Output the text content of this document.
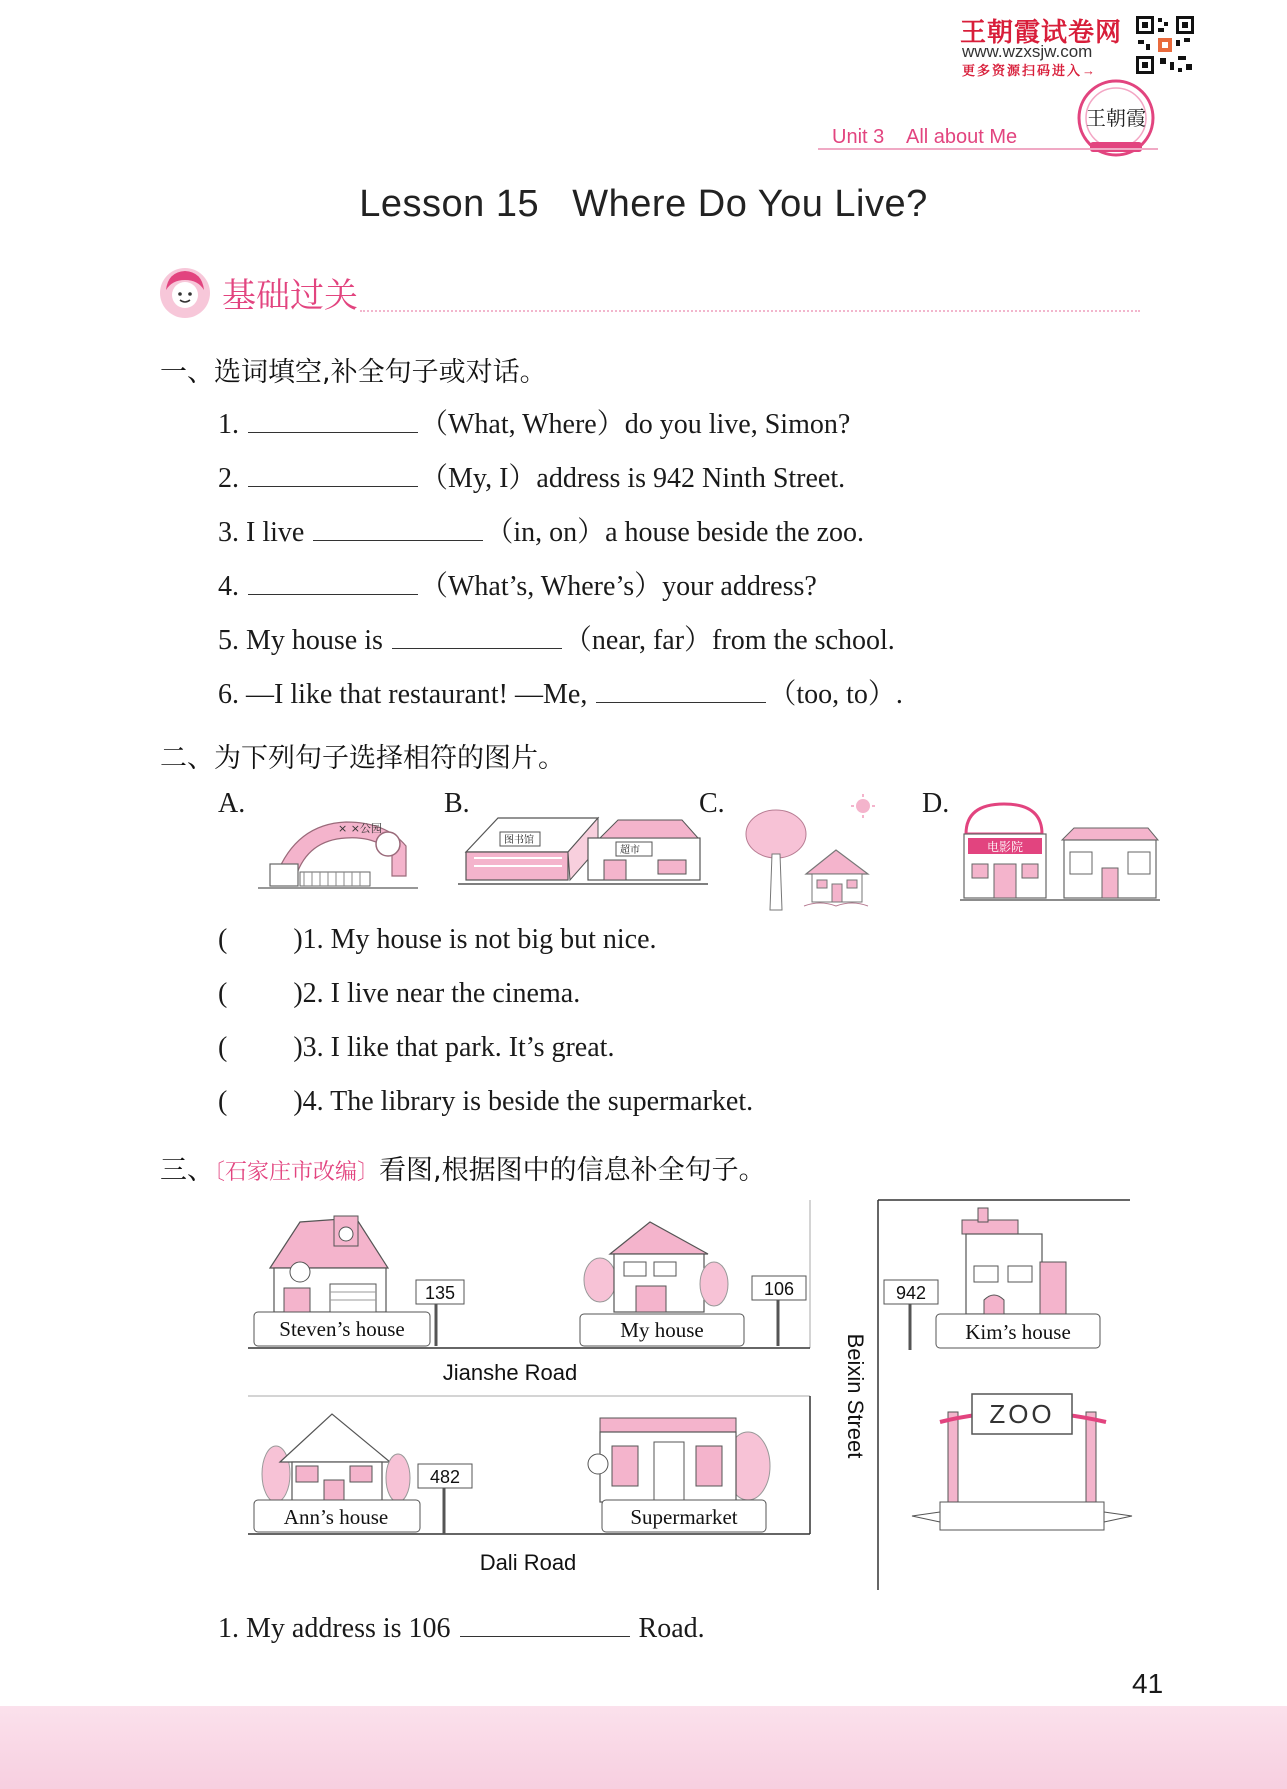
王朝霞试卷网
www.wzxsjw.com
更多资源扫码进入→
王朝霞
Unit 3 All about Me
Lesson 15   Where Do You Live?
基础过关
一、选词填空,补全句子或对话。
1.	（What, Where）do you live, Simon?
2.	（My, I）address is 942 Ninth Street.
3. I live	（in, on）a house beside the zoo.
4.	（What’s, Where’s）your address?
5. My house is	（near, far）from the school.
6. —I like that restaurant! —Me,	（too, to）.
二、为下列句子选择相符的图片。
A.	B.	C.	D.
× ×公园
图书馆
超市	电影院
( )1. My house is not big but nice.
( )2. I live near the cinema.
( )3. I like that park. It’s great.
( )4. The library is beside the supermarket.
三、〔石家庄市改编〕看图,根据图中的信息补全句子。
Steven’s house
135
My house
106
Jianshe Road
Dali Road
Beixin Street
Ann’s house
482
Supermarket
Kim’s house
942
ZOO
1. My address is 106	Road.
41
